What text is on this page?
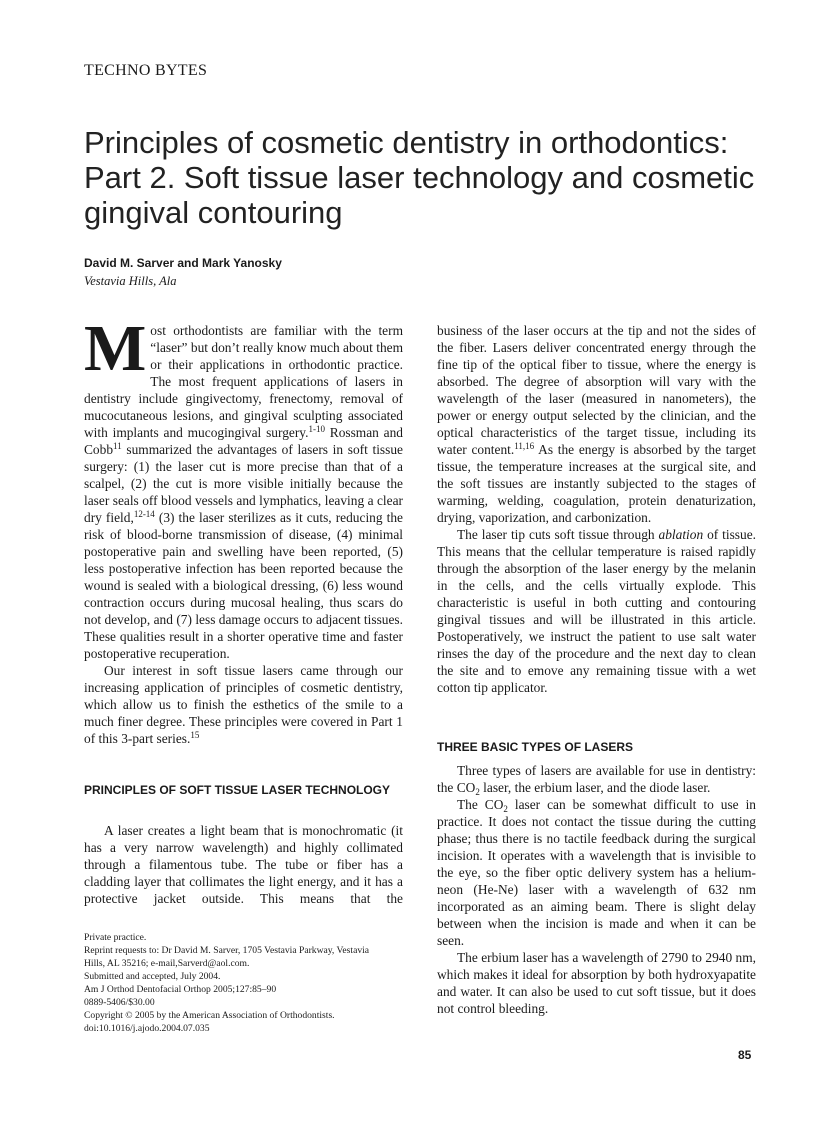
TECHNO BYTES
Principles of cosmetic dentistry in orthodontics: Part 2. Soft tissue laser technology and cosmetic gingival contouring
David M. Sarver and Mark Yanosky
Vestavia Hills, Ala
M ost orthodontists are familiar with the term “laser” but don’t really know much about them or their applications in orthodontic practice. The most frequent applications of lasers in dentistry include gingivectomy, frenectomy, removal of mucocutaneous lesions, and gingival sculpting associated with implants and mucogingival surgery.$^{1-10}$ Rossman and Cobb$^{11}$ summarized the advantages of lasers in soft tissue surgery: (1) the laser cut is more precise than that of a scalpel, (2) the cut is more visible initially because the laser seals off blood vessels and lymphatics, leaving a clear dry field,$^{12-14}$ (3) the laser sterilizes as it cuts, reducing the risk of blood-borne transmission of disease, (4) minimal postoperative pain and swelling have been reported, (5) less postoperative infection has been reported because the wound is sealed with a biological dressing, (6) less wound contraction occurs during mucosal healing, thus scars do not develop, and (7) less damage occurs to adjacent tissues. These qualities result in a shorter operative time and faster postoperative recuperation.

Our interest in soft tissue lasers came through our increasing application of principles of cosmetic dentistry, which allow us to finish the esthetics of the smile to a much finer degree. These principles were covered in Part 1 of this 3-part series.$^{15}$

PRINCIPLES OF SOFT TISSUE LASER TECHNOLOGY

A laser creates a light beam that is monochromatic (it has a very narrow wavelength) and highly collimated through a filamentous tube. The tube or fiber has a cladding layer that collimates the light energy, and it has a protective jacket outside. This means that the

business of the laser occurs at the tip and not the sides of the fiber. Lasers deliver concentrated energy through the fine tip of the optical fiber to tissue, where the energy is absorbed. The degree of absorption will vary with the wavelength of the laser (measured in nanometers), the power or energy output selected by the clinician, and the optical characteristics of the target tissue, including its water content.$^{11,16}$ As the energy is absorbed by the target tissue, the temperature increases at the surgical site, and the soft tissues are instantly subjected to the stages of warming, welding, coagulation, protein denaturization, drying, vaporization, and carbonization.

The laser tip cuts soft tissue through ablation of tissue. This means that the cellular temperature is raised rapidly through the absorption of the laser energy by the melanin in the cells, and the cells virtually explode. This characteristic is useful in both cutting and contouring gingival tissues and will be illustrated in this article. Postoperatively, we instruct the patient to use salt water rinses the day of the procedure and the next day to clean the site and to emove any remaining tissue with a wet cotton tip applicator.

THREE BASIC TYPES OF LASERS

Three types of lasers are available for use in dentistry: the $CO_2$ laser, the erbium laser, and the diode laser.

The $CO_2$ laser can be somewhat difficult to use in practice. It does not contact the tissue during the cutting phase; thus there is no tactile feedback during the surgical incision. It operates with a wavelength that is invisible to the eye, so the fiber optic delivery system has a helium-neon (He-Ne) laser with a wavelength of 632 nm incorporated as an aiming beam. There is slight delay between when the incision is made and when it can be seen.

The erbium laser has a wavelength of 2790 to 2940 nm, which makes it ideal for absorption by both hydroxyapatite and water. It can also be used to cut soft tissue, but it does not control bleeding.

Private practice.
Reprint requests to: Dr David M. Sarver, 1705 Vestavia Parkway, Vestavia
Hills, AL 35216; e-mail,Sarverd@aol.com.
Submitted and accepted, July 2004.
Am J Orthod Dentofacial Orthop 2005;127:85–90
0889-5406/$30.00
Copyright © 2005 by the American Association of Orthodontists.
doi:10.1016/j.ajodo.2004.07.035
85
